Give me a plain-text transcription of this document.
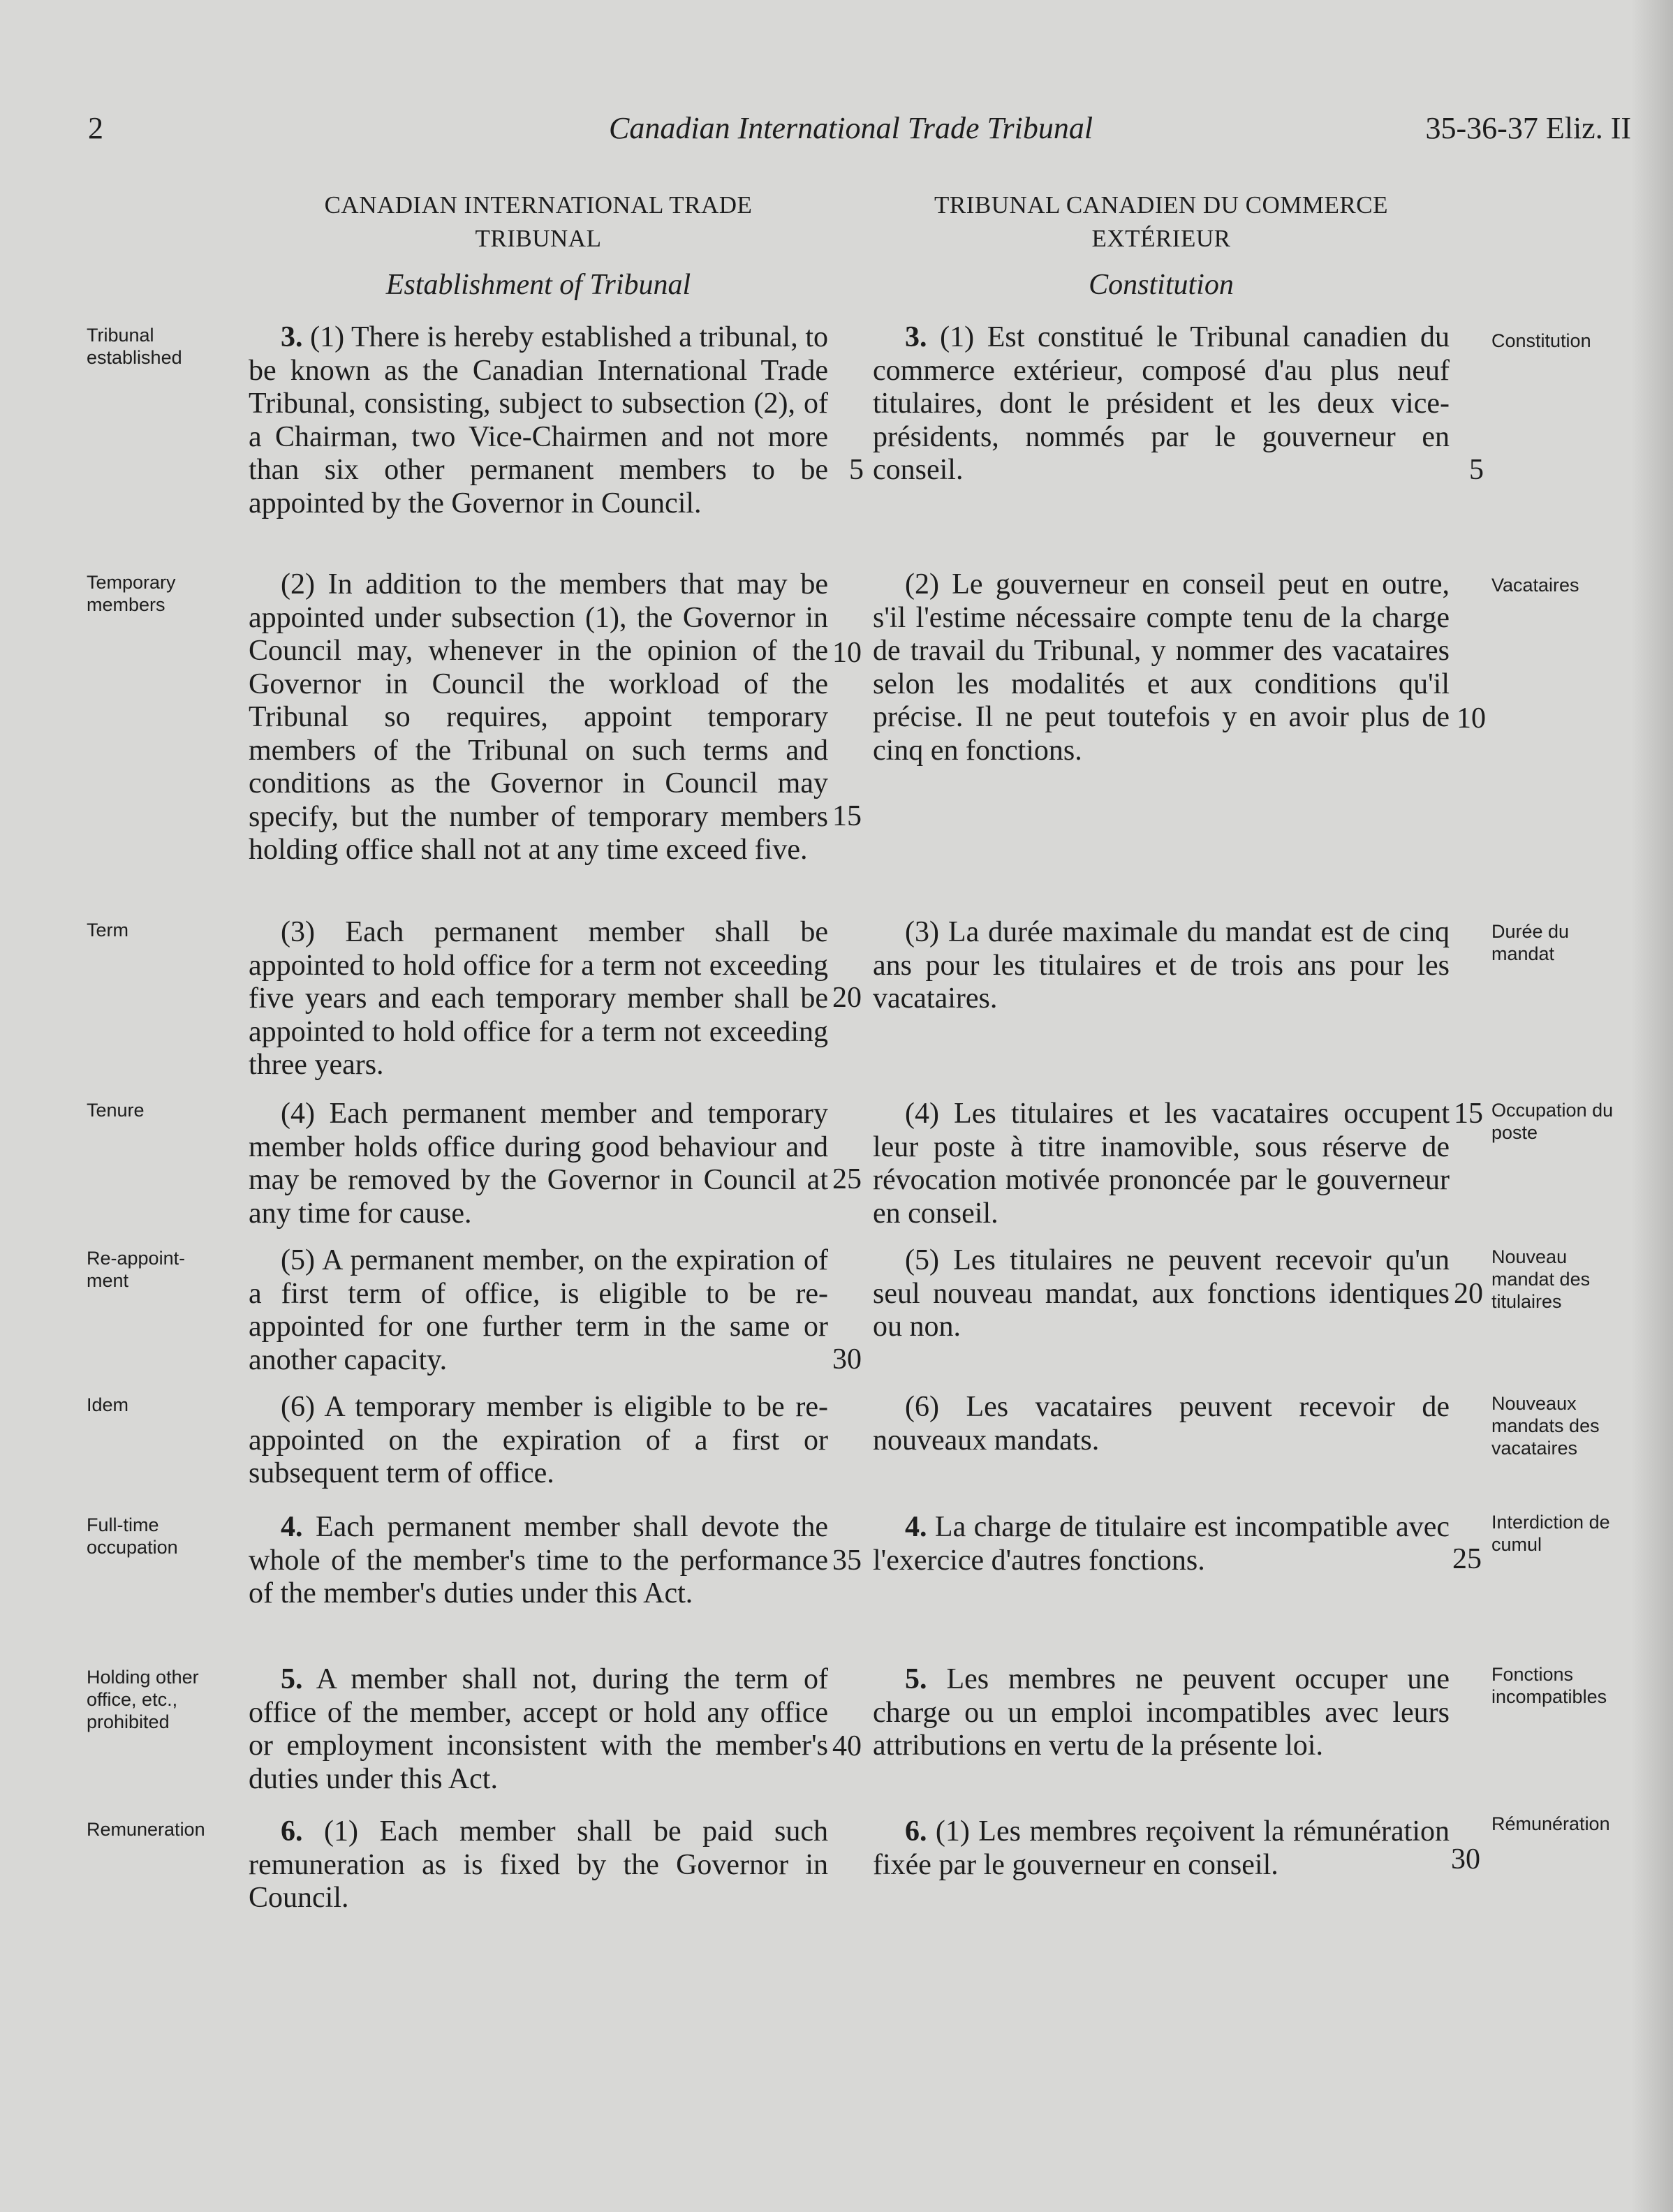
2	Canadian International Trade Tribunal	35-36-37 Eliz. II
CANADIAN INTERNATIONAL TRADE
TRIBUNAL
Establishment of Tribunal
TRIBUNAL CANADIEN DU COMMERCE
EXTÉRIEUR
Constitution
3. (1) There is hereby established a tribunal, to be known as the Canadian International Trade Tribunal, consisting, subject to subsection (2), of a Chairman, two Vice-Chairmen and not more than six other permanent members to be appointed by the Governor in Council.
(2) In addition to the members that may be appointed under subsection (1), the Governor in Council may, whenever in the opinion of the Governor in Council the workload of the Tribunal so requires, appoint temporary members of the Tribunal on such terms and conditions as the Governor in Council may specify, but the number of temporary members holding office shall not at any time exceed five.
(3) Each permanent member shall be appointed to hold office for a term not exceeding five years and each temporary member shall be appointed to hold office for a term not exceeding three years.
(4) Each permanent member and temporary member holds office during good behaviour and may be removed by the Governor in Council at any time for cause.
(5) A permanent member, on the expiration of a first term of office, is eligible to be re-appointed for one further term in the same or another capacity.
(6) A temporary member is eligible to be re-appointed on the expiration of a first or subsequent term of office.
4. Each permanent member shall devote the whole of the member's time to the performance of the member's duties under this Act.
5. A member shall not, during the term of office of the member, accept or hold any office or employment inconsistent with the member's duties under this Act.
6. (1) Each member shall be paid such remuneration as is fixed by the Governor in Council.
3. (1) Est constitué le Tribunal canadien du commerce extérieur, composé d'au plus neuf titulaires, dont le président et les deux vice-présidents, nommés par le gouverneur en conseil.
(2) Le gouverneur en conseil peut en outre, s'il l'estime nécessaire compte tenu de la charge de travail du Tribunal, y nommer des vacataires selon les modalités et aux conditions qu'il précise. Il ne peut toutefois y en avoir plus de cinq en fonctions.
(3) La durée maximale du mandat est de cinq ans pour les titulaires et de trois ans pour les vacataires.
(4) Les titulaires et les vacataires occupent leur poste à titre inamovible, sous réserve de révocation motivée prononcée par le gouverneur en conseil.
(5) Les titulaires ne peuvent recevoir qu'un seul nouveau mandat, aux fonctions identiques ou non.
(6) Les vacataires peuvent recevoir de nouveaux mandats.
4. La charge de titulaire est incompatible avec l'exercice d'autres fonctions.
5. Les membres ne peuvent occuper une charge ou un emploi incompatibles avec leurs attributions en vertu de la présente loi.
6. (1) Les membres reçoivent la rémunération fixée par le gouverneur en conseil.
Tribunal
established
Temporary
members
Term
Tenure
Re-appoint-
ment
Idem
Full-time
occupation
Holding other
office, etc.,
prohibited
Remuneration
Constitution
Vacataires
Durée du
mandat
Occupation du
poste
Nouveau
mandat des
titulaires
Nouveaux
mandats des
vacataires
Interdiction de
cumul
Fonctions
incompatibles
Rémunération
5
10
15
20
25
30
35
40
5
10
15
20
25
30
